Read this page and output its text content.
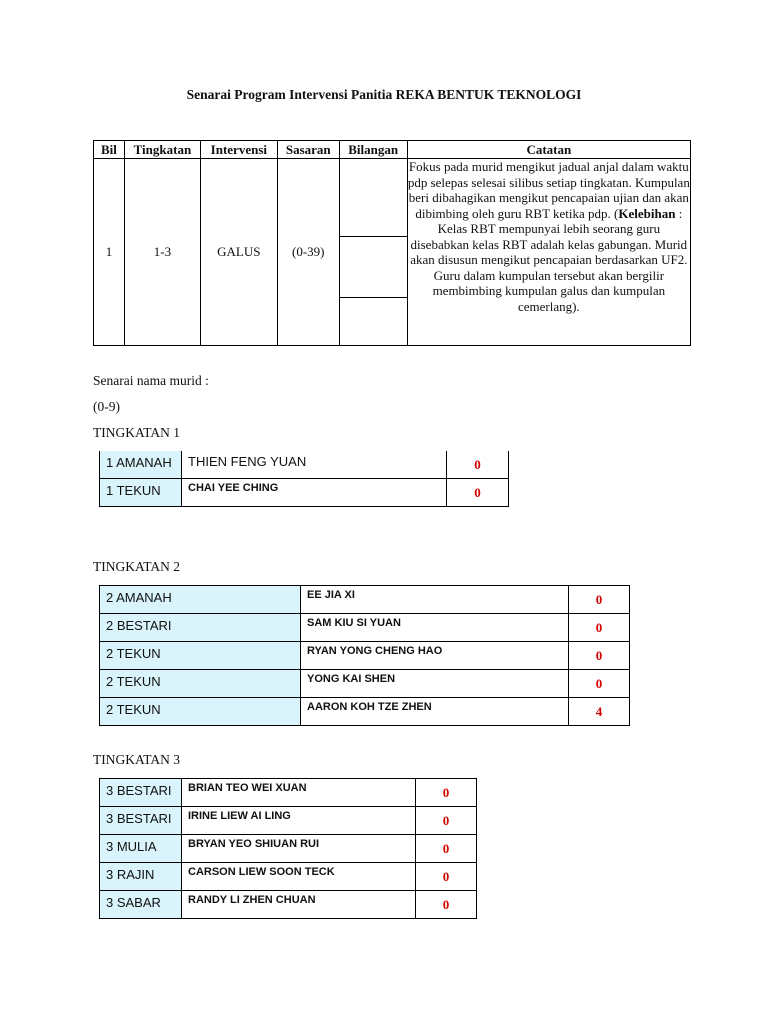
Senarai Program Intervensi Panitia REKA BENTUK TEKNOLOGI
Bil	Tingkatan	Intervensi	Sasaran	Bilangan	Catatan
1	1-3	GALUS	(0-39)		Fokus pada murid mengikut jadual anjal dalam waktu pdp selepas selesai silibus setiap tingkatan. Kumpulan beri dibahagikan mengikut pencapaian ujian dan akan dibimbing oleh guru RBT ketika pdp. (Kelebihan : Kelas RBT mempunyai lebih seorang guru disebabkan kelas RBT adalah kelas gabungan. Murid akan disusun mengikut pencapaian berdasarkan UF2. Guru dalam kumpulan tersebut akan bergilir membimbing kumpulan galus dan kumpulan cemerlang).
Senarai nama murid :
(0-9)
TINGKATAN 1
1 AMANAH	THIEN FENG YUAN	0
1 TEKUN	CHAI YEE CHING	0
TINGKATAN 2
2 AMANAH	EE JIA XI	0
2 BESTARI	SAM KIU SI YUAN	0
2 TEKUN	RYAN YONG CHENG HAO	0
2 TEKUN	YONG KAI SHEN	0
2 TEKUN	AARON KOH TZE ZHEN	4
TINGKATAN 3
3 BESTARI	BRIAN TEO WEI XUAN	0
3 BESTARI	IRINE LIEW AI LING	0
3 MULIA	BRYAN YEO SHIUAN RUI	0
3 RAJIN	CARSON LIEW SOON TECK	0
3 SABAR	RANDY LI ZHEN CHUAN	0
